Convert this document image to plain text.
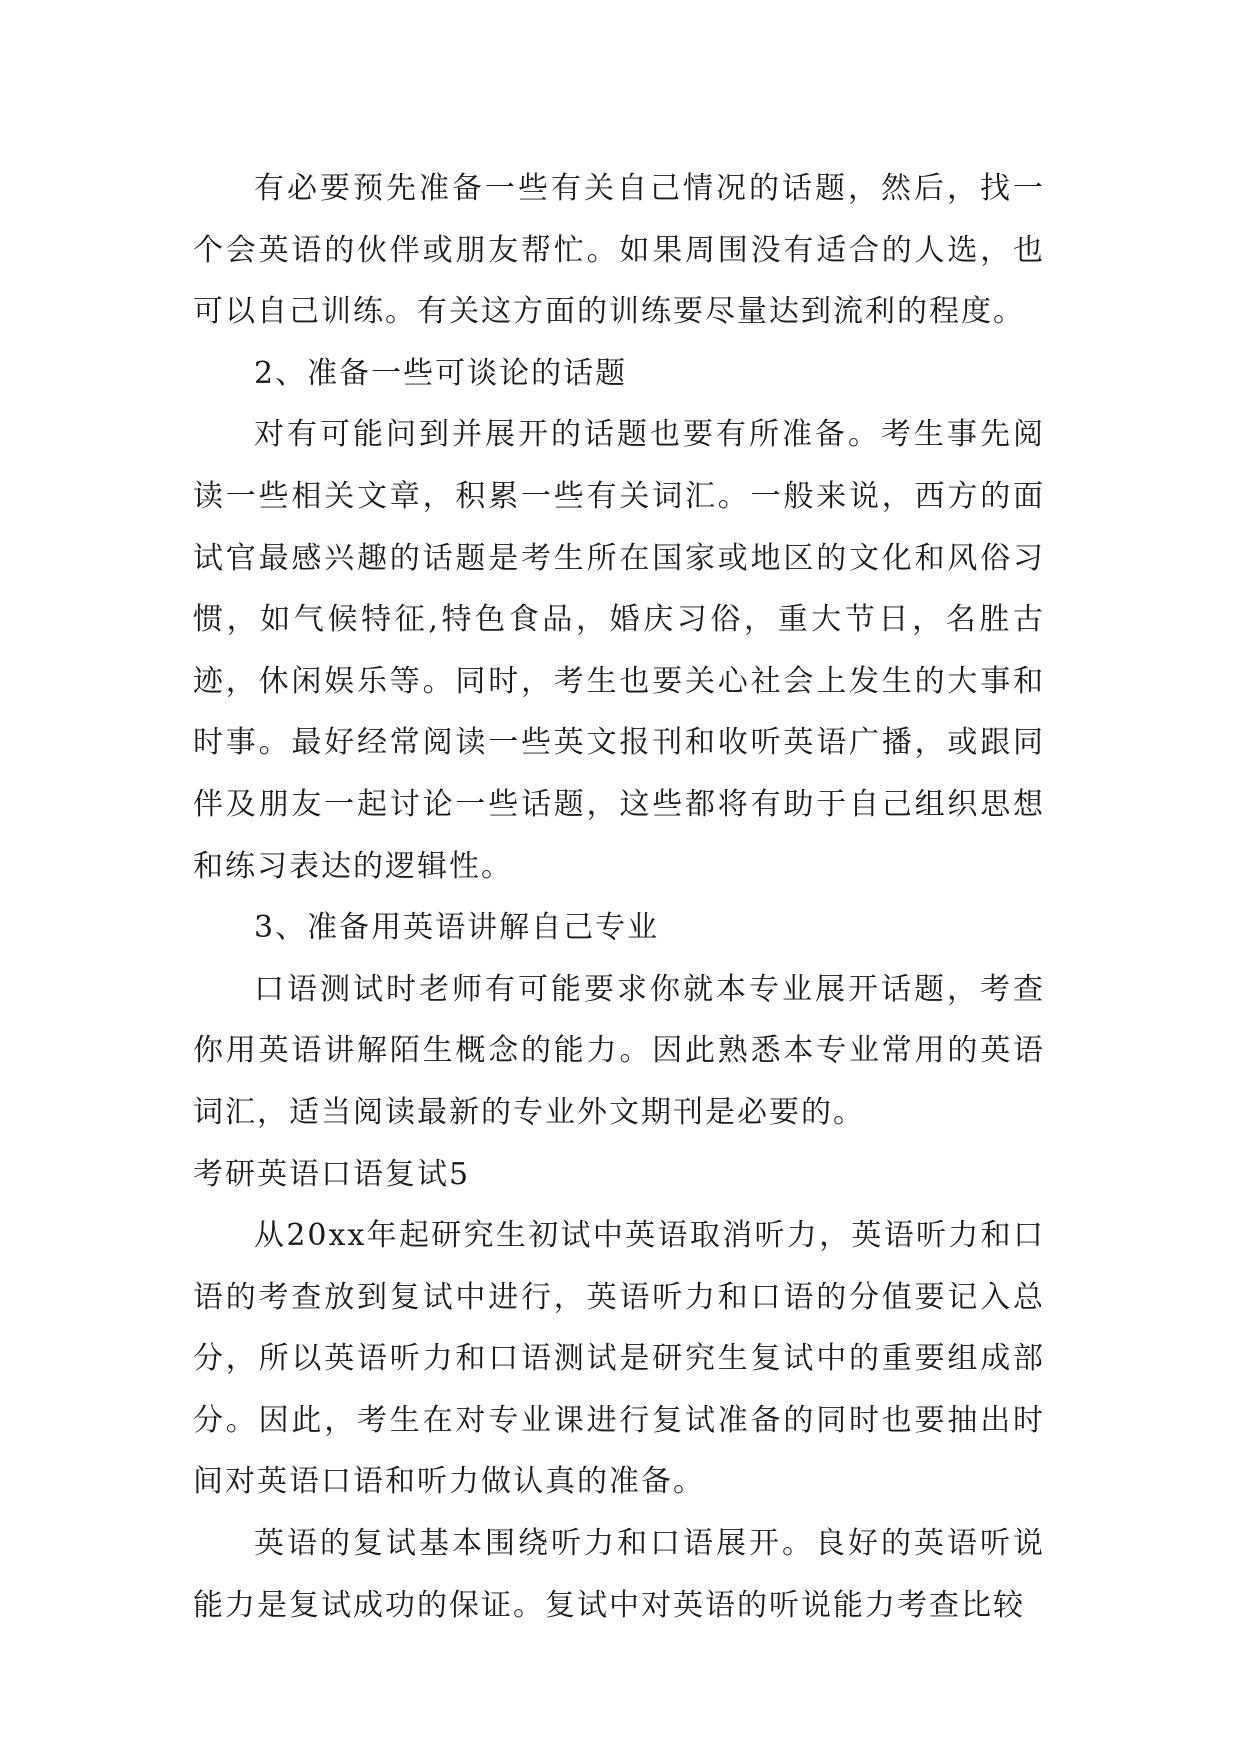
有必要预先准备一些有关自己情况的话题，然后，找一个会英语的伙伴或朋友帮忙。如果周围没有适合的人选，也可以自己训练。有关这方面的训练要尽量达到流利的程度。

2、准备一些可谈论的话题

对有可能问到并展开的话题也要有所准备。考生事先阅读一些相关文章，积累一些有关词汇。一般来说，西方的面试官最感兴趣的话题是考生所在国家或地区的文化和风俗习惯，如气候特征,特色食品，婚庆习俗，重大节日，名胜古迹，休闲娱乐等。同时，考生也要关心社会上发生的大事和时事。最好经常阅读一些英文报刊和收听英语广播，或跟同伴及朋友一起讨论一些话题，这些都将有助于自己组织思想和练习表达的逻辑性。

3、准备用英语讲解自己专业

口语测试时老师有可能要求你就本专业展开话题，考查你用英语讲解陌生概念的能力。因此熟悉本专业常用的英语词汇，适当阅读最新的专业外文期刊是必要的。

考研英语口语复试5

从20xx年起研究生初试中英语取消听力，英语听力和口语的考查放到复试中进行，英语听力和口语的分值要记入总分，所以英语听力和口语测试是研究生复试中的重要组成部分。因此，考生在对专业课进行复试准备的同时也要抽出时间对英语口语和听力做认真的准备。

英语的复试基本围绕听力和口语展开。良好的英语听说能力是复试成功的保证。复试中对英语的听说能力考查比较
